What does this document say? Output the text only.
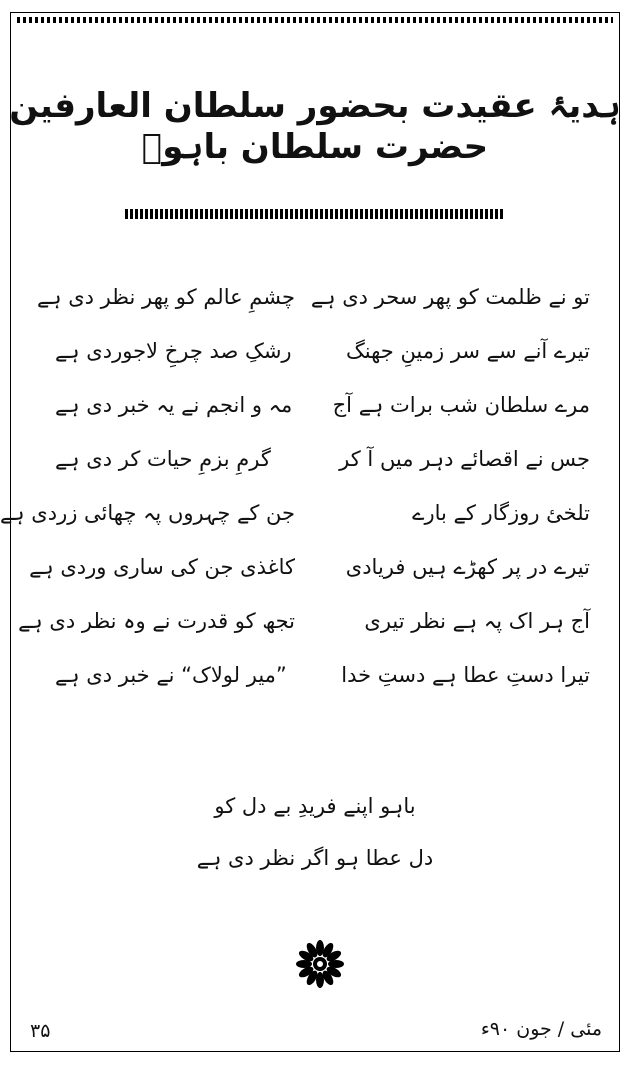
ہدیۂ عقیدت بحضور سلطان العارفین حضرت سلطان باہوؒ
تو نے ظلمت کو پھر سحر دی ہے
چشمِ عالم کو پھر نظر دی ہے
تیرے آنے سے سر زمینِ جھنگ
رشکِ صد چرخِ لاجوردی ہے
مرے سلطان شب برات ہے آج
مہ و انجم نے یہ خبر دی ہے
جس نے اقصائے دہر میں آ کر
گرمِ بزمِ حیات کر دی ہے
تلخئ روزگار کے بارے
جن کے چہروں پہ چھائی زردی ہے
تیرے در پر کھڑے ہیں فریادی
کاغذی جن کی ساری وردی ہے
آج ہر اک پہ ہے نظر تیری
تجھ کو قدرت نے وہ نظر دی ہے
تیرا دستِ عطا ہے دستِ خدا
”میر لولاک“ نے خبر دی ہے
باہو اپنے فریدِ بے دل کو
دل عطا ہو اگر نظر دی ہے
۳۵	مئی / جون ۹۰ء
